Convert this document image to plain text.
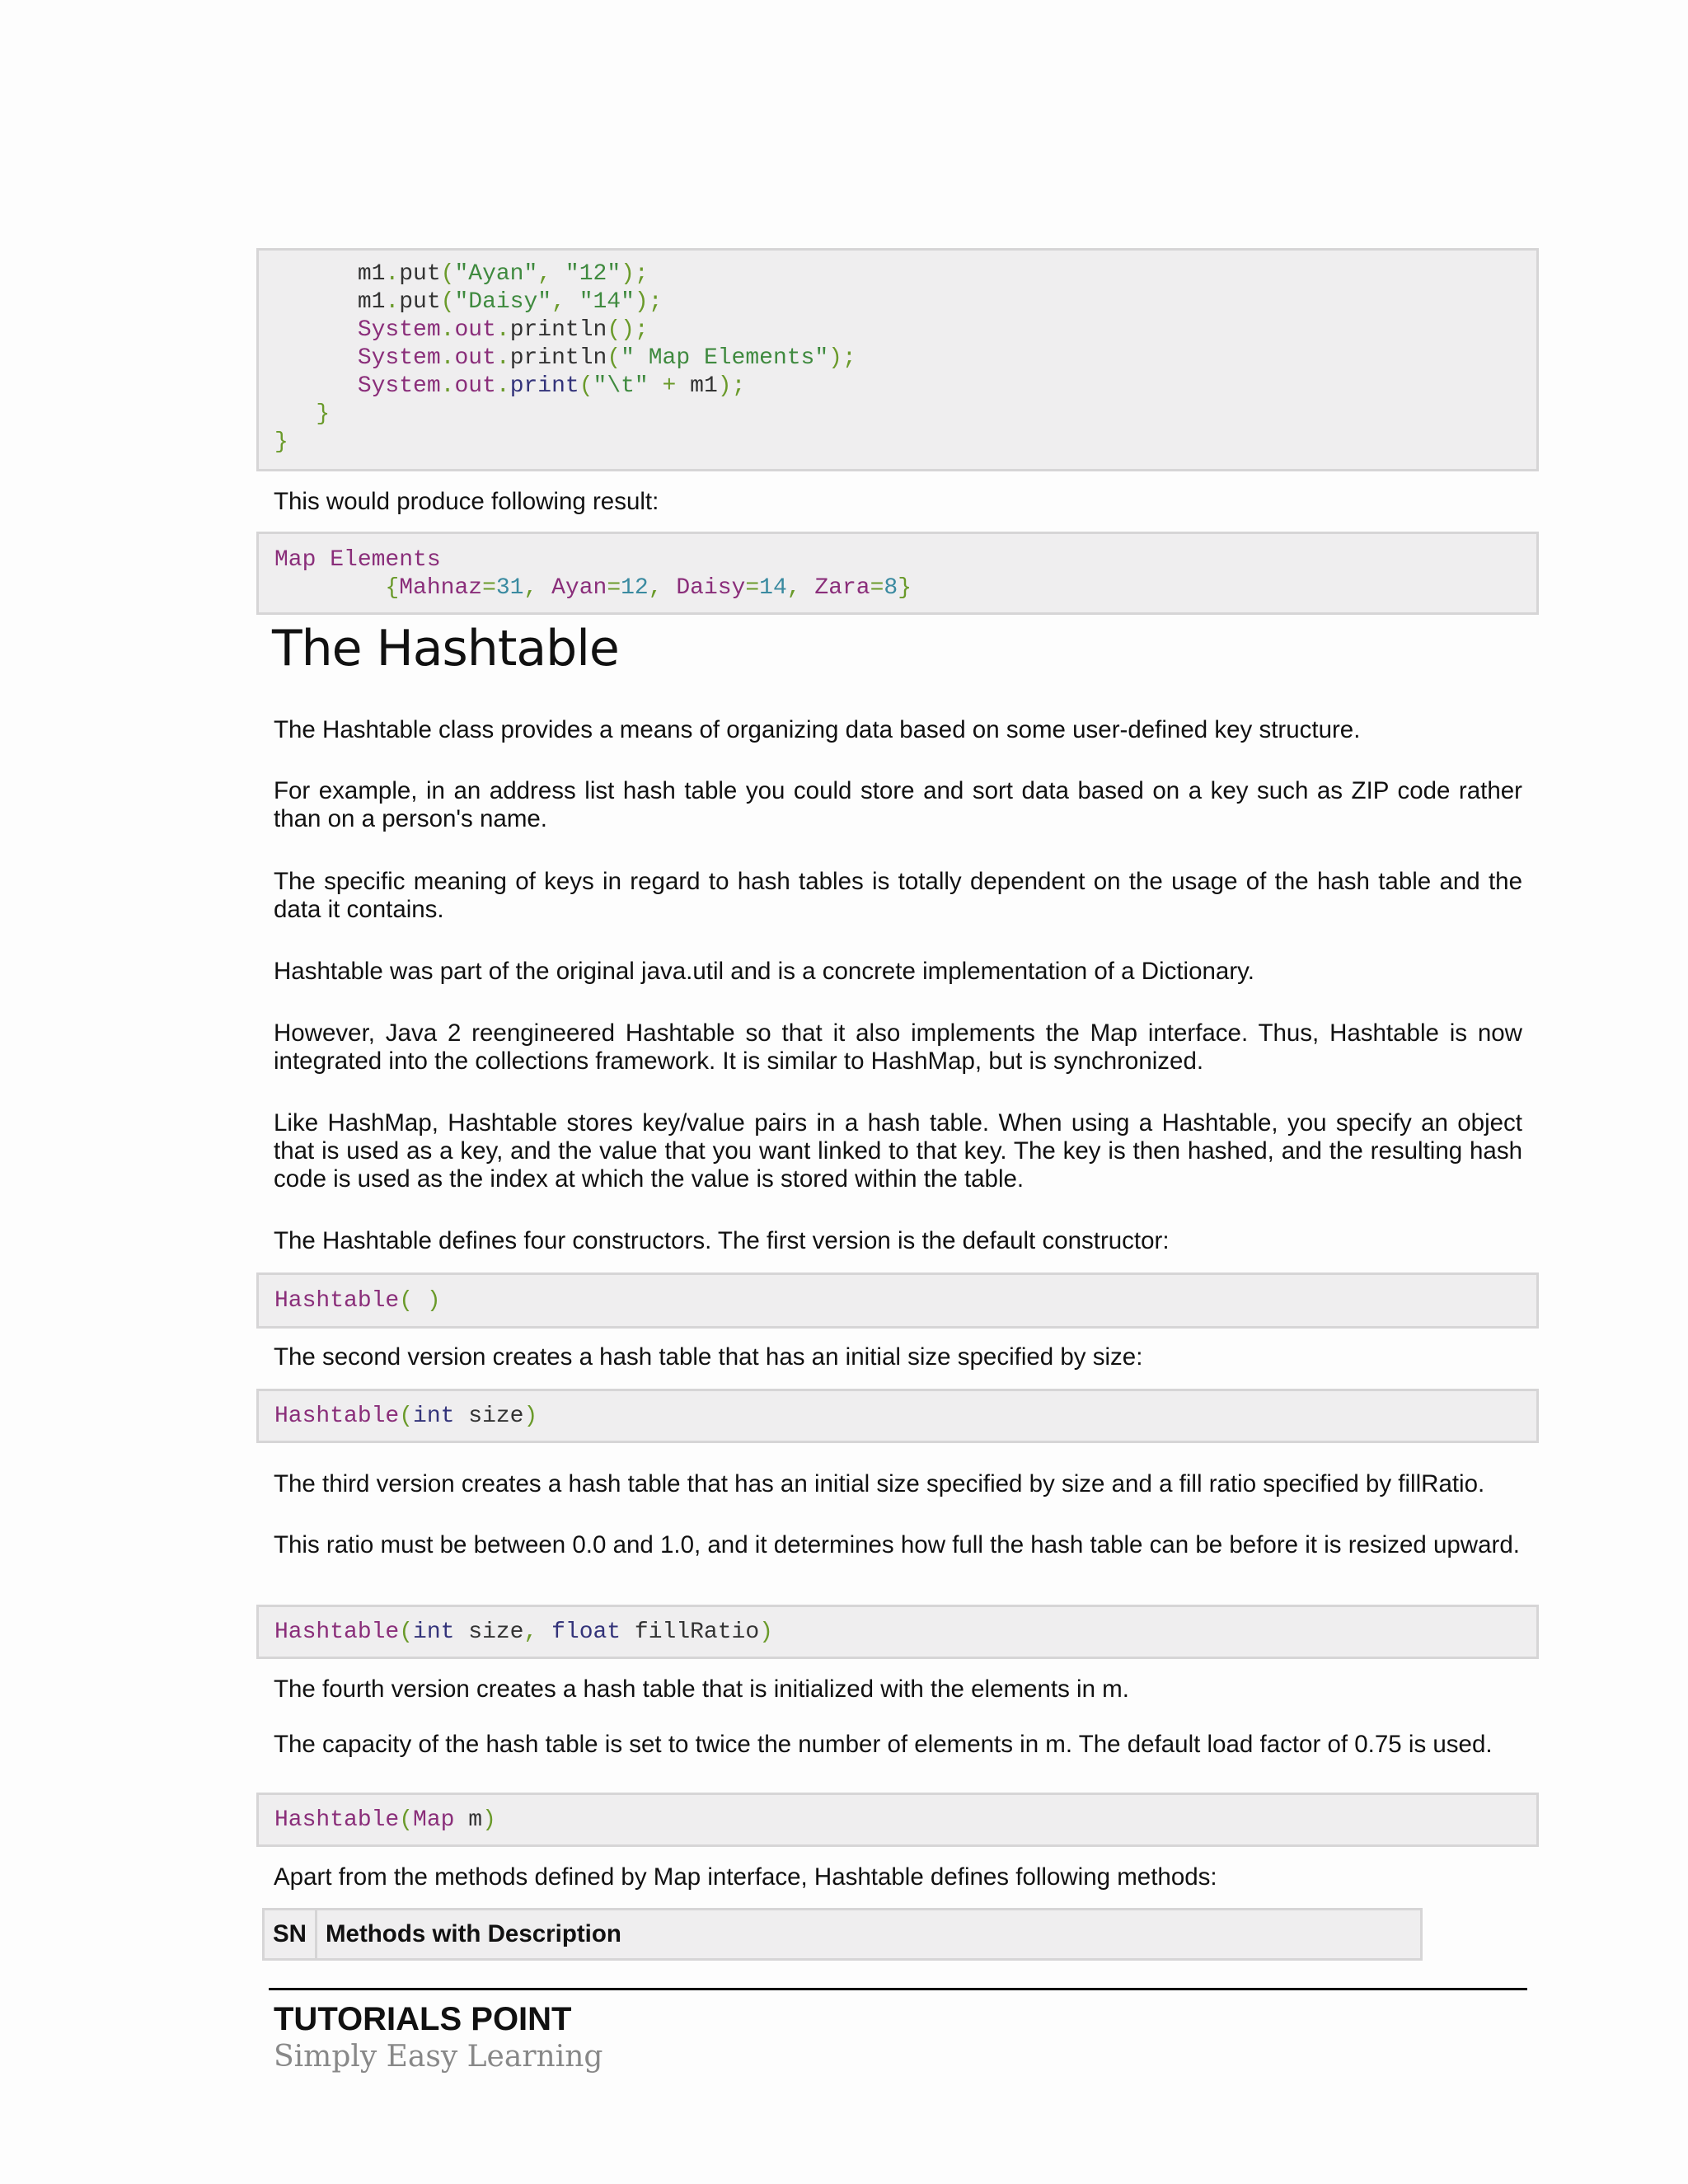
m1.put("Ayan", "12");
m1.put("Daisy", "14");
System.out.println();
System.out.println(" Map Elements");
System.out.print("\t" + m1);
}
}
This would produce following result:
Map Elements
{Mahnaz=31, Ayan=12, Daisy=14, Zara=8}
The Hashtable
The Hashtable class provides a means of organizing data based on some user-defined key structure.
For example, in an address list hash table you could store and sort data based on a key such as ZIP code rather than on a person's name.
The specific meaning of keys in regard to hash tables is totally dependent on the usage of the hash table and the data it contains.
Hashtable was part of the original java.util and is a concrete implementation of a Dictionary.
However, Java 2 reengineered Hashtable so that it also implements the Map interface. Thus, Hashtable is now integrated into the collections framework. It is similar to HashMap, but is synchronized.
Like HashMap, Hashtable stores key/value pairs in a hash table. When using a Hashtable, you specify an object that is used as a key, and the value that you want linked to that key. The key is then hashed, and the resulting hash code is used as the index at which the value is stored within the table.
The Hashtable defines four constructors. The first version is the default constructor:
Hashtable( )
The second version creates a hash table that has an initial size specified by size:
Hashtable(int size)
The third version creates a hash table that has an initial size specified by size and a fill ratio specified by fillRatio.
This ratio must be between 0.0 and 1.0, and it determines how full the hash table can be before it is resized upward.
Hashtable(int size, float fillRatio)
The fourth version creates a hash table that is initialized with the elements in m.
The capacity of the hash table is set to twice the number of elements in m. The default load factor of 0.75 is used.
Hashtable(Map m)
Apart from the methods defined by Map interface, Hashtable defines following methods:
SN	Methods with Description
TUTORIALS POINT
Simply Easy Learning
